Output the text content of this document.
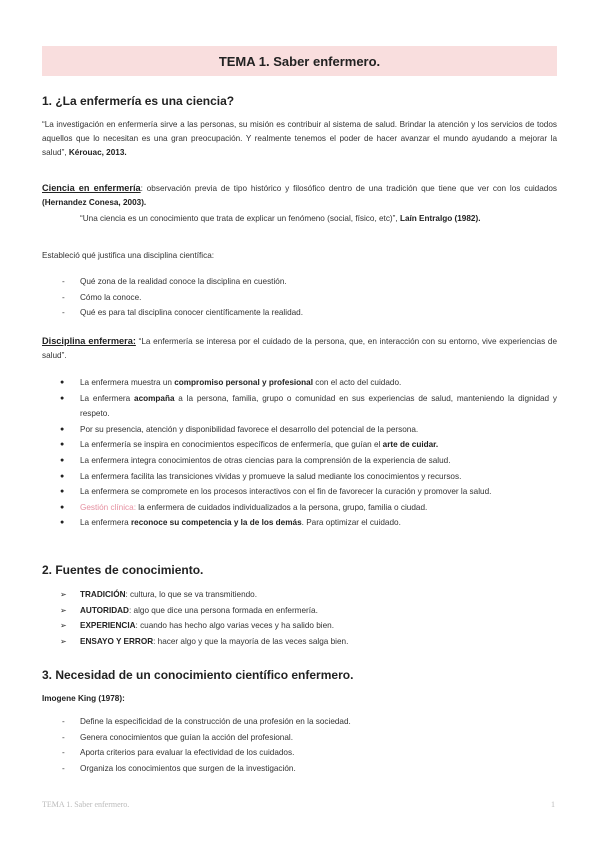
TEMA 1. Saber enfermero.
1. ¿La enfermería es una ciencia?
“La investigación en enfermería sirve a las personas, su misión es contribuir al sistema de salud. Brindar la atención y los servicios de todos aquellos que lo necesitan es una gran preocupación. Y realmente tenemos el poder de hacer avanzar el mundo ayudando a mejorar la salud”, Kérouac, 2013.
Ciencia en enfermería: observación previa de tipo histórico y filosófico dentro de una tradición que tiene que ver con los cuidados (Hernandez Conesa, 2003).
“Una ciencia es un conocimiento que trata de explicar un fenómeno (social, físico, etc)”, Laín Entralgo (1982).
Estableció qué justifica una disciplina científica:
- Qué zona de la realidad conoce la disciplina en cuestión.
- Cómo la conoce.
- Qué es para tal disciplina conocer científicamente la realidad.
Disciplina enfermera: “La enfermería se interesa por el cuidado de la persona, que, en interacción con su entorno, vive experiencias de salud”.
● La enfermera muestra un compromiso personal y profesional con el acto del cuidado.
● La enfermera acompaña a la persona, familia, grupo o comunidad en sus experiencias de salud, manteniendo la dignidad y respeto.
● Por su presencia, atención y disponibilidad favorece el desarrollo del potencial de la persona.
● La enfermería se inspira en conocimientos específicos de enfermería, que guían el arte de cuidar.
● La enfermera integra conocimientos de otras ciencias para la comprensión de la experiencia de salud.
● La enfermera facilita las transiciones vividas y promueve la salud mediante los conocimientos y recursos.
● La enfermera se compromete en los procesos interactivos con el fin de favorecer la curación y promover la salud.
● Gestión clínica: la enfermera de cuidados individualizados a la persona, grupo, familia o ciudad.
● La enfermera reconoce su competencia y la de los demás. Para optimizar el cuidado.
2. Fuentes de conocimiento.
➢ TRADICIÓN: cultura, lo que se va transmitiendo.
➢ AUTORIDAD: algo que dice una persona formada en enfermería.
➢ EXPERIENCIA: cuando has hecho algo varias veces y ha salido bien.
➢ ENSAYO Y ERROR: hacer algo y que la mayoría de las veces salga bien.
3. Necesidad de un conocimiento científico enfermero.
Imogene King (1978):
- Define la especificidad de la construcción de una profesión en la sociedad.
- Genera conocimientos que guían la acción del profesional.
- Aporta criterios para evaluar la efectividad de los cuidados.
- Organiza los conocimientos que surgen de la investigación.
TEMA 1. Saber enfermero.	1
